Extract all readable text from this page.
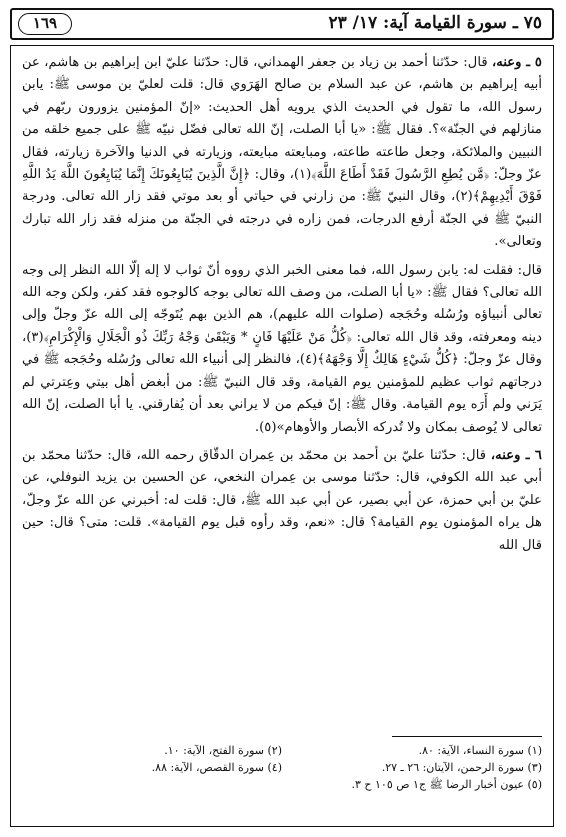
٧٥ ـ سورة القيامة آية: ١٧/ ٢٣
١٦٩

٥ ـ وعنه، قال: حدّثنا أحمد بن زياد بن جعفر الهمداني، قال: حدّثنا عليّ ابن إبراهيم بن هاشم، عن أبيه إبراهيم بن هاشم، عن عبد السلام بن صالح الهَرَوي قال: قلت لعليّ بن موسى ﷺ: يابن رسول الله، ما تقول في الحديث الذي يرويه أهل الحديث: «إنّ المؤمنين يزورون ربّهم في منازلهم في الجنّة»؟. فقال ﷺ: «يا أبا الصلت، إنّ الله تعالى فضّل نبيّه ﷺ على جميع خلقه من النبيين والملائكة، وجعل طاعته طاعته، ومبايعته مبايعته، وزيارته في الدنيا والآخرة زيارته، فقال عزّ وجلّ: ﴿مَّن يُطِعِ الرَّسُولَ فَقَدْ أَطَاعَ اللَّهَ﴾(١)، وقال: ﴿إِنَّ الَّذِينَ يُبَايِعُونَكَ إِنَّمَا يُبَايِعُونَ اللَّهَ يَدُ اللَّهِ فَوْقَ أَيْدِيهِمْ﴾(٢)، وقال النبيّ ﷺ: من زارني في حياتي أو بعد موتي فقد زار الله تعالى. ودرجة النبيّ ﷺ في الجنّة أرفع الدرجات، فمن زاره في درجته في الجنّة من منزله فقد زار الله تبارك وتعالى».

قال: فقلت له: يابن رسول الله، فما معنى الخبر الذي رووه أنّ ثواب لا إله إلّا الله النظر إلى وجه الله تعالى؟ فقال ﷺ: «يا أبا الصلت، من وصف الله تعالى بوجه كالوجوه فقد كفر، ولكن وجه الله تعالى أنبياؤه ورُسُله وحُجَجه (صلوات الله عليهم)، هم الذين بهم يُتَوجّه إلى الله عزّ وجلّ وإلى دينه ومعرفته، وقد قال الله تعالى: ﴿كُلُّ مَنْ عَلَيْهَا فَانٍ * وَيَبْقَىٰ وَجْهُ رَبِّكَ ذُو الْجَلَالِ وَالْإِكْرَامِ﴾(٣)، وقال عزّ وجلّ: ﴿كُلُّ شَيْءٍ هَالِكٌ إِلَّا وَجْهَهُ﴾(٤)، فالنظر إلى أنبياء الله تعالى ورُسُله وحُجَجه ﷺ في درجاتهم ثواب عظيم للمؤمنين يوم القيامة، وقد قال النبيّ ﷺ: من أبغض أهل بيتي وعِترتي لم يَرَني ولم أَرَه يوم القيامة. وقال ﷺ: إنّ فيكم من لا يراني بعد أن يُفارقني. يا أبا الصلت، إنّ الله تعالى لا يُوصف بمكان ولا تُدركه الأبصار والأوهام»(٥).

٦ ـ وعنه، قال: حدّثنا عليّ بن أحمد بن محمّد بن عِمران الدقّاق رحمه الله، قال: حدّثنا محمّد بن أبي عبد الله الكوفي، قال: حدّثنا موسى بن عِمران النخعي، عن الحسين بن يزيد النوفلي، عن عليّ بن أبي حمزة، عن أبي بصير، عن أبي عبد الله ﷺ، قال: قلت له: أخبرني عن الله عزّ وجلّ، هل يراه المؤمنون يوم القيامة؟ قال: «نعم، وقد رأوه قبل يوم القيامة». قلت: متى؟ قال: حين قال الله

(١) سورة النساء، الآية: ٨٠.
(٢) سورة الفتح، الآية: ١٠.
(٣) سورة الرحمن، الآيتان: ٢٦ ـ ٢٧.
(٤) سورة القصص، الآية: ٨٨.
(٥) عيون أخبار الرضا ﷺ ج١ ص ١٠٥ ح ٣.
